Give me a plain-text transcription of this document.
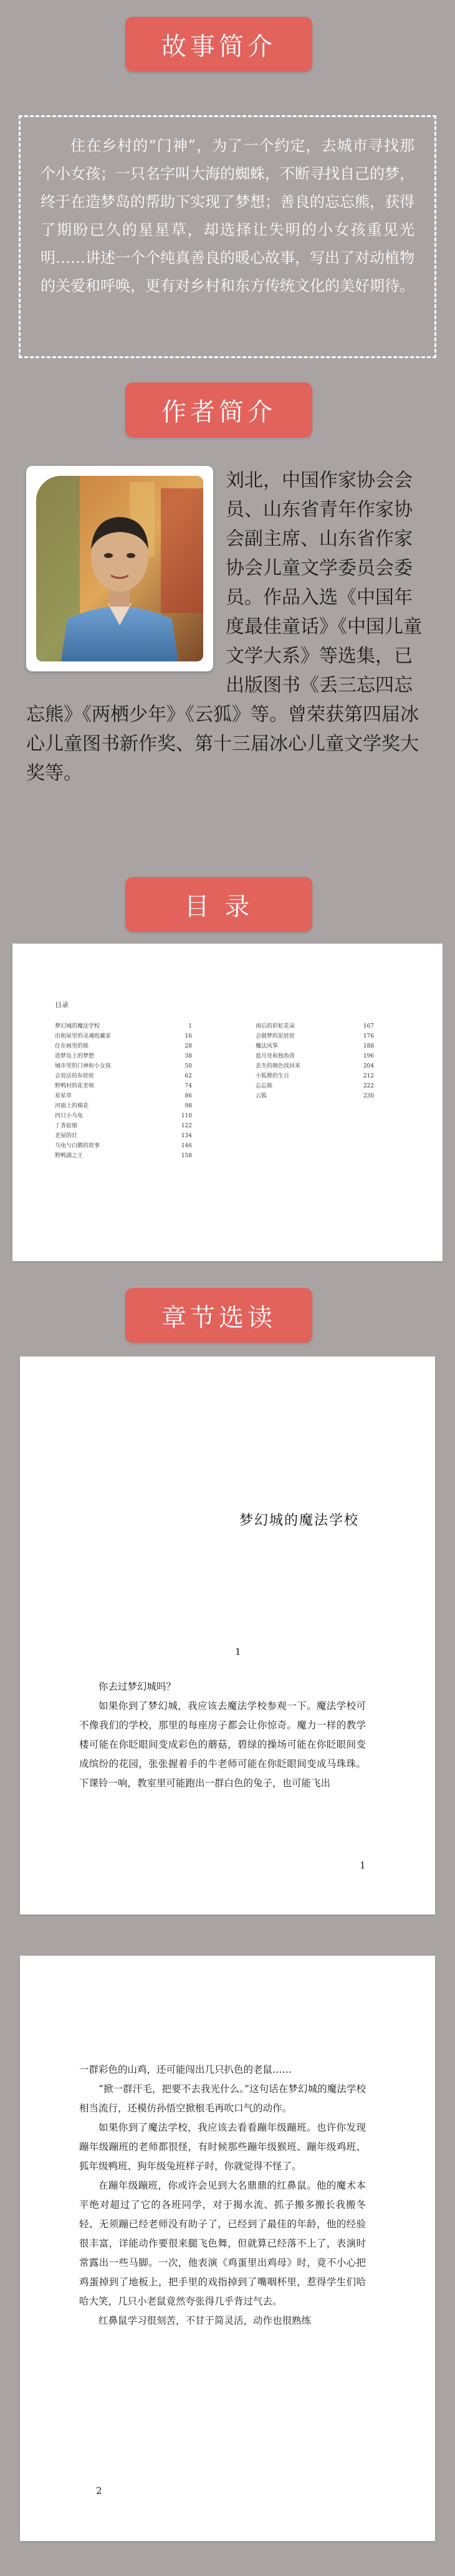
故事简介

住在乡村的“门神”，为了一个约定，去城市寻找那个小女孩；一只名字叫大海的蜘蛛，不断寻找自己的梦，终于在造梦岛的帮助下实现了梦想；善良的忘忘熊，获得了期盼已久的星星草，却选择让失明的小女孩重见光明……讲述一个个纯真善良的暖心故事，写出了对动植物的关爱和呼唤，更有对乡村和东方传统文化的美好期待。

作者简介
刘北，中国作家协会会员、山东省青年作家协会副主席、山东省作家协会儿童文学委员会委员。作品入选《中国年度最佳童话》《中国儿童文学大系》等选集，已出版图书《丢三忘四忘忘熊》《两栖少年》《云狐》等。曾荣获第四届冰心儿童图书新作奖、第十三届冰心儿童文学奖大奖等。
目 录
目录
梦幻城的魔法学校	1
出租屋里的灵魂收藏家	16
住在画里的熊	28
造梦岛上的梦想	38
城市里的门神和小女孩	50
会说话的布娃娃	62
野鸭村的花老师	74
星星草	86
河面上的棉花	98
四只小乌龟	110
丁香姑娘	122
老屋的灯	134
乌龟与白鹅的故事	146
野鸭湖之王	158
雨后的彩虹花朵	167
会做梦的泥娃娃	176
魔法风筝	188
蓝月亮和独角兽	196
丢失的颜色找回来	204
小狐狸的生日	212
忘忘熊	222
云狐	230
章节选读
梦幻城的魔法学校
1

你去过梦幻城吗？

如果你到了梦幻城，我应该去魔法学校参观一下。魔法学校可不像我们的学校，那里的每座房子都会让你惊奇。魔力一样的教学楼可能在你眨眼间变成彩色的蘑菇，碧绿的操场可能在你眨眼间变成缤纷的花园，张张握着手的牛老师可能在你眨眼间变成马珠珠。下课铃一响，教室里可能跑出一群白色的兔子，也可能飞出

1

一群彩色的山鸡，还可能闯出几只扒色的老鼠……

“掀一群汗毛，把要不去我光什么。”这句话在梦幻城的魔法学校相当流行，还模仿孙悟空掀根毛再吹口气的动作。

如果你到了魔法学校，我应该去看看蹦年级蹦班。也许你发现蹦年级蹦班的老师都很怪，有时候那些蹦年级猴班、蹦年级鸡班、狐年级鸭班、狗年级兔班样子时，你就觉得不怪了。

在蹦年级蹦班，你或许会见到大名鼎鼎的红鼻鼠。他的魔术本平绝对超过了它的各班同学，对于揭水流、抓子搬多搬长我搬冬轻、无须蹦已经老师没有助子了，已经到了最佳的年龄，他的经验很丰富，详能动作要很来腿飞色舞，但就算已经落不上了，表演时常露出一些马脚。一次，他表演《鸡蛋里出鸡母》时，竟不小心把鸡蛋掉到了地板上，把手里的戏指掉到了嘴咽杯里，惹得学生们哈哈大笑，几只小老鼠竟然夸张得几乎背过气去。

红鼻鼠学习很刻苦，不甘于简灵活，动作也很熟练

2
